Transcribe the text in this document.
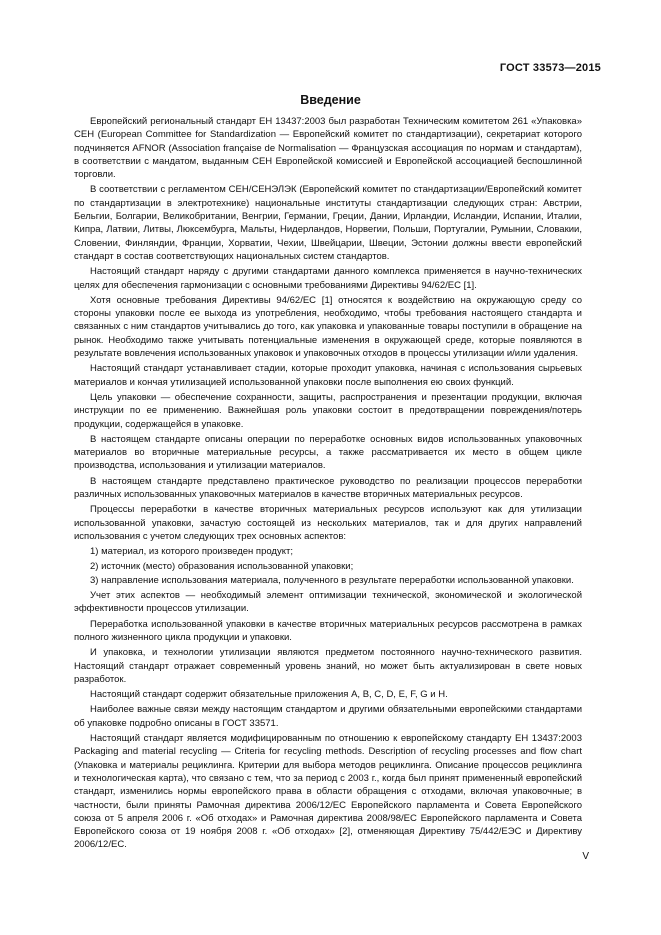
ГОСТ 33573—2015
Введение

Европейский региональный стандарт ЕН 13437:2003 был разработан Техническим комитетом 261 «Упаковка» CEH (European Committee for Standardization — Европейский комитет по стандартизации), секретариат которого подчиняется AFNOR (Association française de Normalisation — Французская ассоциация по нормам и стандартам), в соответствии с мандатом, выданным СЕН Европейской комиссией и Европейской ассоциацией беспошлинной торговли.

В соответствии с регламентом СЕН/СЕНЭЛЭК (Европейский комитет по стандартизации/Европейский комитет по стандартизации в электротехнике) национальные институты стандартизации следующих стран: Австрии, Бельгии, Болгарии, Великобритании, Венгрии, Германии, Греции, Дании, Ирландии, Исландии, Испании, Италии, Кипра, Латвии, Литвы, Люксембурга, Мальты, Нидерландов, Норвегии, Польши, Португалии, Румынии, Словакии, Словении, Финляндии, Франции, Хорватии, Чехии, Швейцарии, Швеции, Эстонии должны ввести европейский стандарт в состав соответствующих национальных систем стандартов.

Настоящий стандарт наряду с другими стандартами данного комплекса применяется в научно-технических целях для обеспечения гармонизации с основными требованиями Директивы 94/62/ЕС [1].

Хотя основные требования Директивы 94/62/ЕС [1] относятся к воздействию на окружающую среду со стороны упаковки после ее выхода из употребления, необходимо, чтобы требования настоящего стандарта и связанных с ним стандартов учитывались до того, как упаковка и упакованные товары поступили в обращение на рынок. Необходимо также учитывать потенциальные изменения в окружающей среде, которые появляются в результате вовлечения использованных упаковок и упаковочных отходов в процессы утилизации и/или удаления.

Настоящий стандарт устанавливает стадии, которые проходит упаковка, начиная с использования сырьевых материалов и кончая утилизацией использованной упаковки после выполнения ею своих функций.

Цель упаковки — обеспечение сохранности, защиты, распространения и презентации продукции, включая инструкции по ее применению. Важнейшая роль упаковки состоит в предотвращении повреждения/потерь продукции, содержащейся в упаковке.

В настоящем стандарте описаны операции по переработке основных видов использованных упаковочных материалов во вторичные материальные ресурсы, а также рассматривается их место в общем цикле производства, использования и утилизации материалов.

В настоящем стандарте представлено практическое руководство по реализации процессов переработки различных использованных упаковочных материалов в качестве вторичных материальных ресурсов.

Процессы переработки в качестве вторичных материальных ресурсов используют как для утилизации использованной упаковки, зачастую состоящей из нескольких материалов, так и для других направлений использования с учетом следующих трех основных аспектов:

1) материал, из которого произведен продукт;

2) источник (место) образования использованной упаковки;

3) направление использования материала, полученного в результате переработки использованной упаковки.

Учет этих аспектов — необходимый элемент оптимизации технической, экономической и экологической эффективности процессов утилизации.

Переработка использованной упаковки в качестве вторичных материальных ресурсов рассмотрена в рамках полного жизненного цикла продукции и упаковки.

И упаковка, и технологии утилизации являются предметом постоянного научно-технического развития. Настоящий стандарт отражает современный уровень знаний, но может быть актуализирован в свете новых разработок.

Настоящий стандарт содержит обязательные приложения А, В, С, D, Е, F, G и Н.

Наиболее важные связи между настоящим стандартом и другими обязательными европейскими стандартами об упаковке подробно описаны в ГОСТ 33571.

Настоящий стандарт является модифицированным по отношению к европейскому стандарту ЕН 13437:2003 Packaging and material recycling — Criteria for recycling methods. Description of recycling processes and flow chart (Упаковка и материалы рециклинга. Критерии для выбора методов рециклинга. Описание процессов рециклинга и технологическая карта), что связано с тем, что за период с 2003 г., когда был принят примененный европейский стандарт, изменились нормы европейского права в области обращения с отходами, включая упаковочные; в частности, были приняты Рамочная директива 2006/12/ЕС Европейского парламента и Совета Европейского союза от 5 апреля 2006 г. «Об отходах» и Рамочная директива 2008/98/ЕС Европейского парламента и Совета Европейского союза от 19 ноября 2008 г. «Об отходах» [2], отменяющая Директиву 75/442/ЕЭС и Директиву 2006/12/ЕС.

V
